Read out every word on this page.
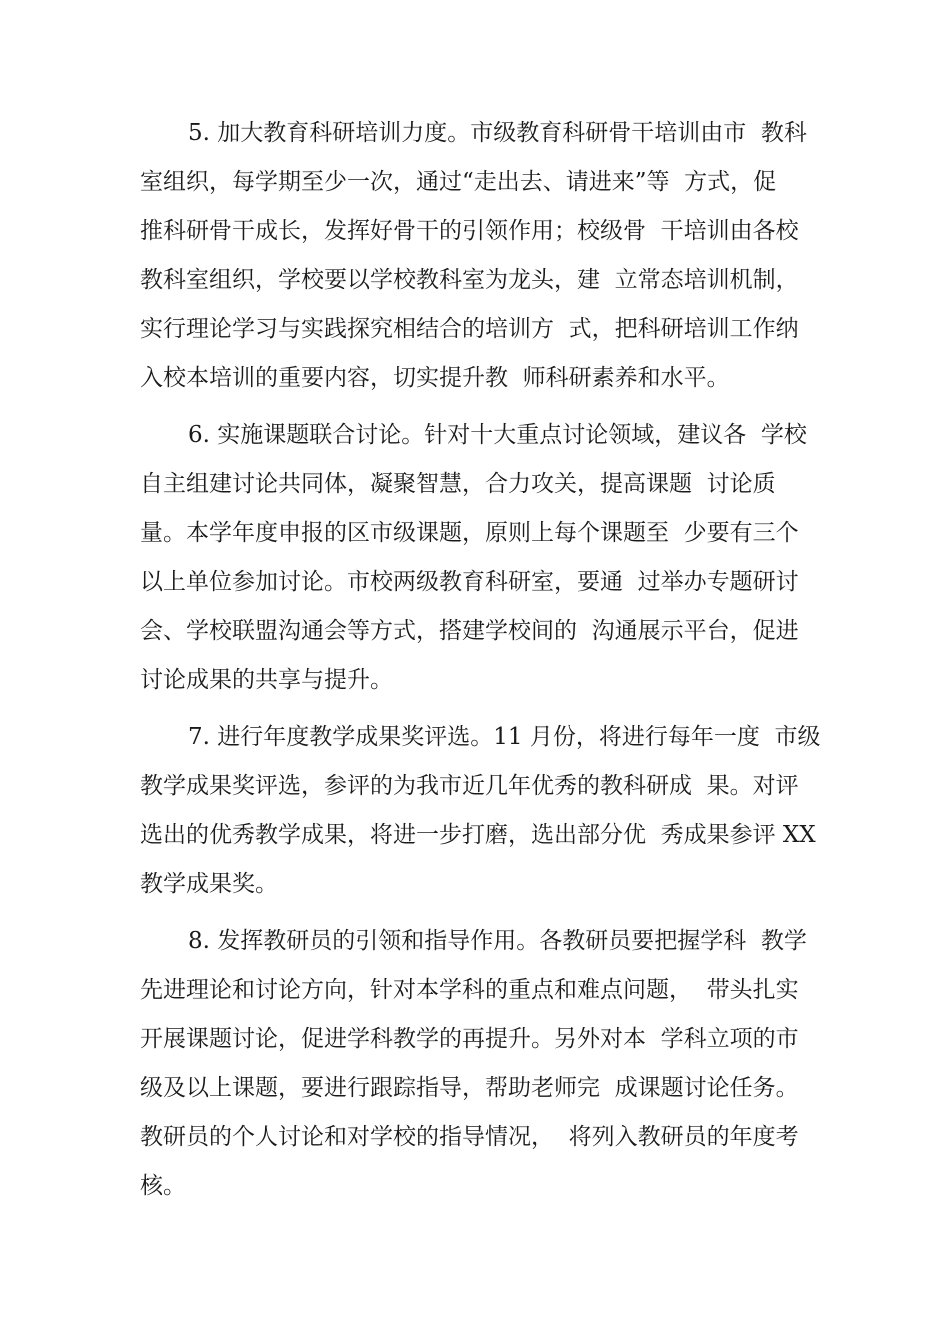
5. 加大教育科研培训力度。市级教育科研骨干培训由市  教科
室组织，每学期至少一次，通过“走出去、请进来”等  方式，促
推科研骨干成长，发挥好骨干的引领作用；校级骨  干培训由各校
教科室组织，学校要以学校教科室为龙头，建  立常态培训机制，
实行理论学习与实践探究相结合的培训方  式，把科研培训工作纳
入校本培训的重要内容，切实提升教  师科研素养和水平。
6. 实施课题联合讨论。针对十大重点讨论领域，建议各  学校
自主组建讨论共同体，凝聚智慧，合力攻关，提高课题  讨论质
量。本学年度申报的区市级课题，原则上每个课题至  少要有三个
以上单位参加讨论。市校两级教育科研室，要通  过举办专题研讨
会、学校联盟沟通会等方式，搭建学校间的  沟通展示平台，促进
讨论成果的共享与提升。
7. 进行年度教学成果奖评选。11 月份，将进行每年一度  市级
教学成果奖评选，参评的为我市近几年优秀的教科研成  果。对评
选出的优秀教学成果，将进一步打磨，选出部分优  秀成果参评 XX
教学成果奖。
8. 发挥教研员的引领和指导作用。各教研员要把握学科  教学
先进理论和讨论方向，针对本学科的重点和难点问题，  带头扎实
开展课题讨论，促进学科教学的再提升。另外对本  学科立项的市
级及以上课题，要进行跟踪指导，帮助老师完  成课题讨论任务。
教研员的个人讨论和对学校的指导情况，  将列入教研员的年度考
核。
